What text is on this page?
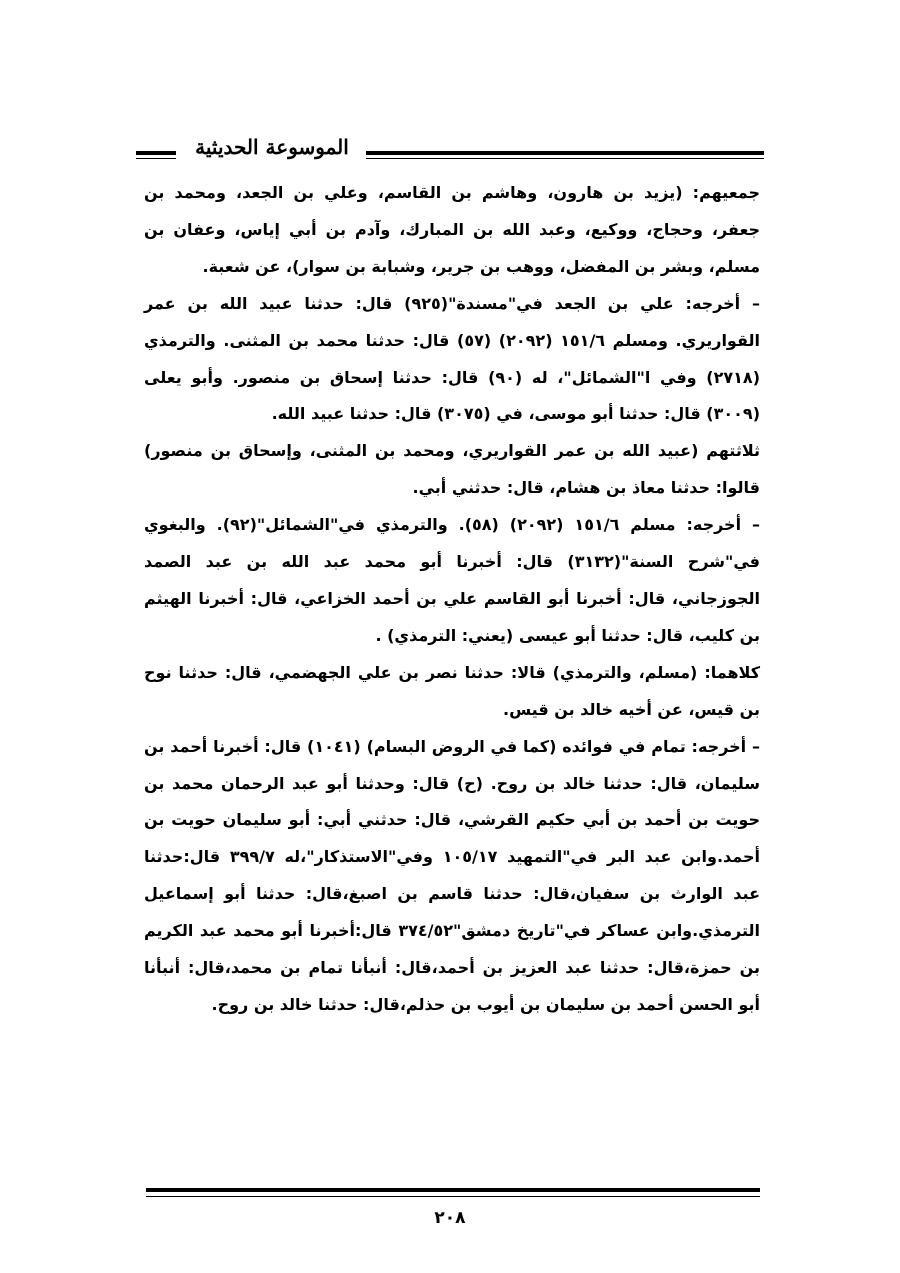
الموسوعة الحديثية

جمعيهم: (يزيد بن هارون، وهاشم بن القاسم، وعلي بن الجعد، ومحمد بن جعفر، وحجاج، ووكيع، وعبد الله بن المبارك، وآدم بن أبي إياس، وعفان بن مسلم، وبشر بن المفضل، ووهب بن جرير، وشبابة بن سوار)، عن شعبة.

– أخرجه: علي بن الجعد في"مسندة"(٩٢٥) قال: حدثنا عبيد الله بن عمر القواريري. ومسلم ١٥١/٦ (٢٠٩٢) (٥٧) قال: حدثنا محمد بن المثنى. والترمذي (٢٧١٨) وفي ا"الشمائل"، له (٩٠) قال: حدثنا إسحاق بن منصور. وأبو يعلى (٣٠٠٩) قال: حدثنا أبو موسى، في (٣٠٧٥) قال: حدثنا عبيد الله.

ثلاثتهم (عبيد الله بن عمر القواريري، ومحمد بن المثنى، وإسحاق بن منصور) قالوا: حدثنا معاذ بن هشام، قال: حدثني أبي.

– أخرجه: مسلم ١٥١/٦ (٢٠٩٢) (٥٨). والترمذي في"الشمائل"(٩٢). والبغوي في"شرح السنة"(٣١٣٢) قال: أخبرنا أبو محمد عبد الله بن عبد الصمد الجوزجاني، قال: أخبرنا أبو القاسم علي بن أحمد الخزاعي، قال: أخبرنا الهيثم بن كليب، قال: حدثنا أبو عيسى (يعني: الترمذي) .

كلاهما: (مسلم، والترمذي) قالا: حدثنا نصر بن علي الجهضمي، قال: حدثنا نوح بن قيس، عن أخيه خالد بن قيس.

– أخرجه: تمام في فوائده (كما في الروض البسام) (١٠٤١) قال: أخبرنا أحمد بن سليمان، قال: حدثنا خالد بن روح. (ح) قال: وحدثنا أبو عبد الرحمان محمد بن حويت بن أحمد بن أبي حكيم القرشي، قال: حدثني أبي: أبو سليمان حويت بن أحمد.وابن عبد البر في"التمهيد ١٠٥/١٧ وفي"الاستذكار"،له ٣٩٩/٧ قال:حدثنا عبد الوارث بن سفيان،قال: حدثنا قاسم بن اصبغ،قال: حدثنا أبو إسماعيل الترمذي.وابن عساكر في"تاريخ دمشق"٣٧٤/٥٢ قال:أخبرنا أبو محمد عبد الكريم بن حمزة،قال: حدثنا عبد العزيز بن أحمد،قال: أنبأنا تمام بن محمد،قال: أنبأنا أبو الحسن أحمد بن سليمان بن أيوب بن حذلم،قال: حدثنا خالد بن روح.

٢٠٨
